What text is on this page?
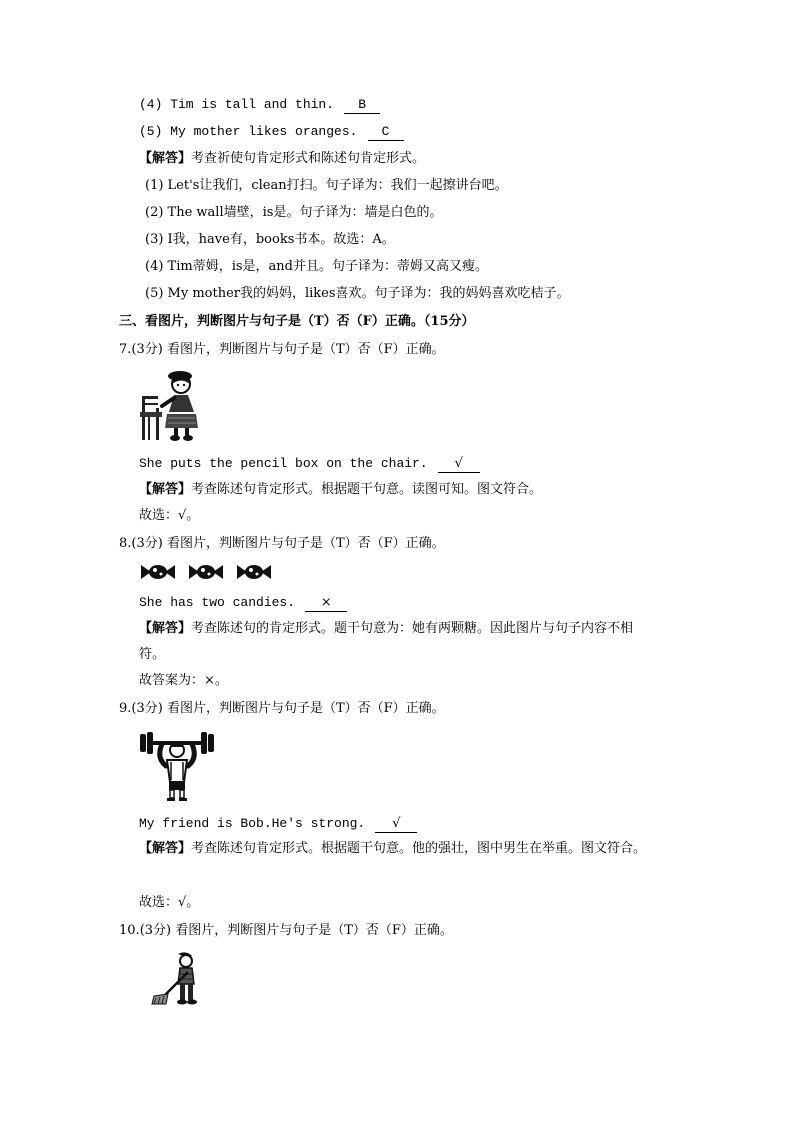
(4) Tim is tall and thin. B
(5) My mother likes oranges. C
【解答】考查祈使句肯定形式和陈述句肯定形式。
(1) Let's让我们，clean打扫。句子译为：我们一起擦讲台吧。
(2) The wall墙壁，is是。句子译为：墙是白色的。
(3) I我，have有，books书本。故选：A。
(4) Tim蒂姆，is是，and并且。句子译为：蒂姆又高又瘦。
(5) My mother我的妈妈，likes喜欢。句子译为：我的妈妈喜欢吃桔子。
三、看图片，判断图片与句子是（T）否（F）正确。（15分）
7.(3分) 看图片，判断图片与句子是（T）否（F）正确。
She puts the pencil box on the chair. √
【解答】考查陈述句肯定形式。根据题干句意。读图可知。图文符合。
故选：√。
8.(3分) 看图片，判断图片与句子是（T）否（F）正确。
She has two candies. ×
【解答】考查陈述句的肯定形式。题干句意为：她有两颗糖。因此图片与句子内容不相
符。
故答案为：×。
9.(3分) 看图片，判断图片与句子是（T）否（F）正确。
My friend is Bob.He's strong. √
【解答】考查陈述句肯定形式。根据题干句意。他的强壮，图中男生在举重。图文符合。
故选：√。
10.(3分) 看图片，判断图片与句子是（T）否（F）正确。
